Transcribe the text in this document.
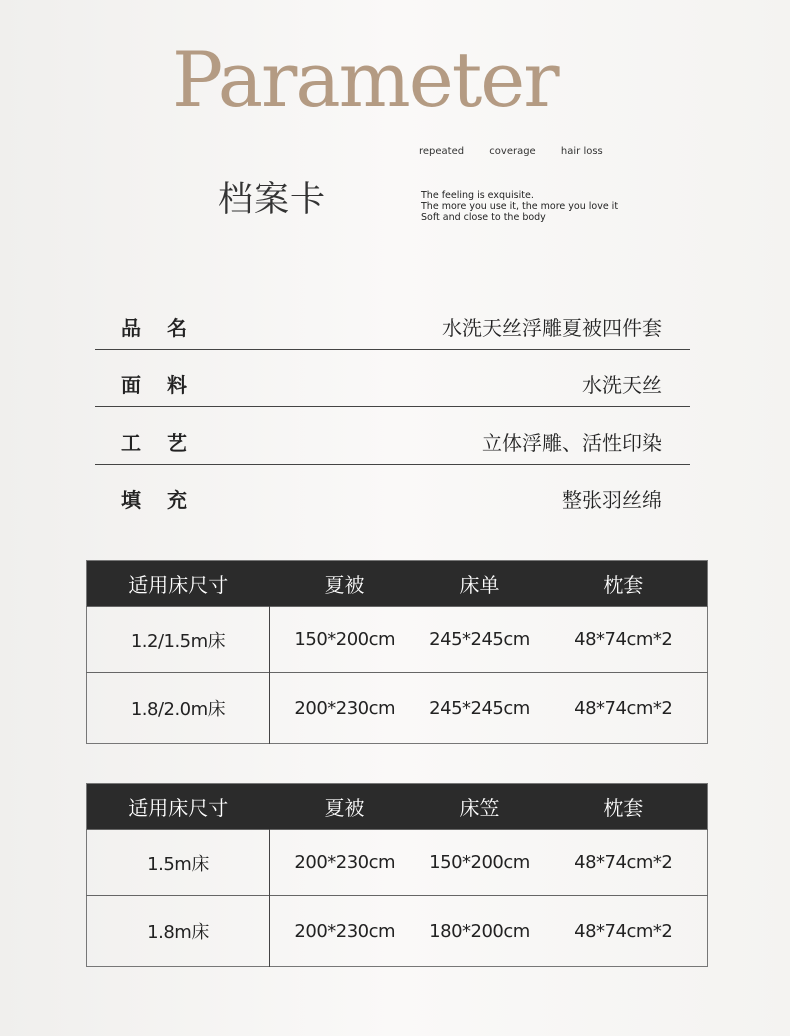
Parameter
档案卡
repeated	coverage	hair loss
The feeling is exquisite.
The more you use it, the more you love it
Soft and close to the body
品名	水洗天丝浮雕夏被四件套
面料	水洗天丝
工艺	立体浮雕、活性印染
填充	整张羽丝绵
适用床尺寸	夏被	床单	枕套
1.2/1.5m床	150*200cm	245*245cm	48*74cm*2
1.8/2.0m床	200*230cm	245*245cm	48*74cm*2
适用床尺寸	夏被	床笠	枕套
1.5m床	200*230cm	150*200cm	48*74cm*2
1.8m床	200*230cm	180*200cm	48*74cm*2
